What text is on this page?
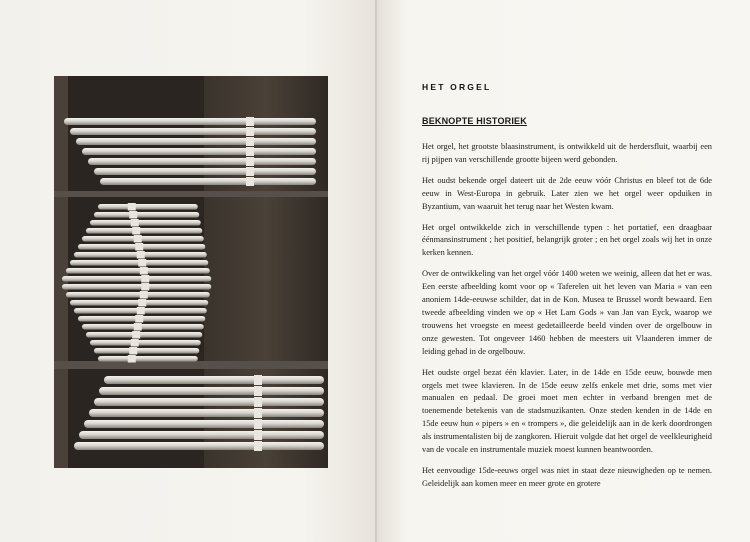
HET ORGEL
BEKNOPTE HISTORIEK

Het orgel, het grootste blaasinstrument, is ontwikkeld uit de herdersfluit, waarbij een rij pijpen van verschillende grootte bijeen werd gebonden.

Het oudst bekende orgel dateert uit de 2de eeuw vóór Christus en bleef tot de 6de eeuw in West-Europa in gebruik. Later zien we het orgel weer opduiken in Byzantium, van waaruit het terug naar het Westen kwam.

Het orgel ontwikkelde zich in verschillende typen : het portatief, een draagbaar éénmansinstrument ; het positief, belangrijk groter ; en het orgel zoals wij het in onze kerken kennen.

Over de ontwikkeling van het orgel vóór 1400 weten we weinig, alleen dat het er was. Een eerste afbeelding komt voor op « Taferelen uit het leven van Maria » van een anoniem 14de-eeuwse schilder, dat in de Kon. Musea te Brussel wordt bewaard. Een tweede afbeelding vinden we op « Het Lam Gods » van Jan van Eyck, waarop we trouwens het vroegste en meest gedetailleerde beeld vinden over de orgelbouw in onze gewesten. Tot ongeveer 1460 hebben de meesters uit Vlaanderen immer de leiding gehad in de orgelbouw.

Het oudste orgel bezat één klavier. Later, in de 14de en 15de eeuw, bouwde men orgels met twee klavieren. In de 15de eeuw zelfs enkele met drie, soms met vier manualen en pedaal. De groei moet men echter in verband brengen met de toenemende betekenis van de stadsmuzikanten. Onze steden kenden in de 14de en 15de eeuw hun « pipers » en « trompers », die geleidelijk aan in de kerk doordrongen als instrumentalisten bij de zangkoren. Hieruit volgde dat het orgel de veelkleurigheid van de vocale en instrumentale muziek moest kunnen beantwoorden.

Het eenvoudige 15de-eeuws orgel was niet in staat deze nieuwigheden op te nemen. Geleidelijk aan komen meer en meer grote en grotere
